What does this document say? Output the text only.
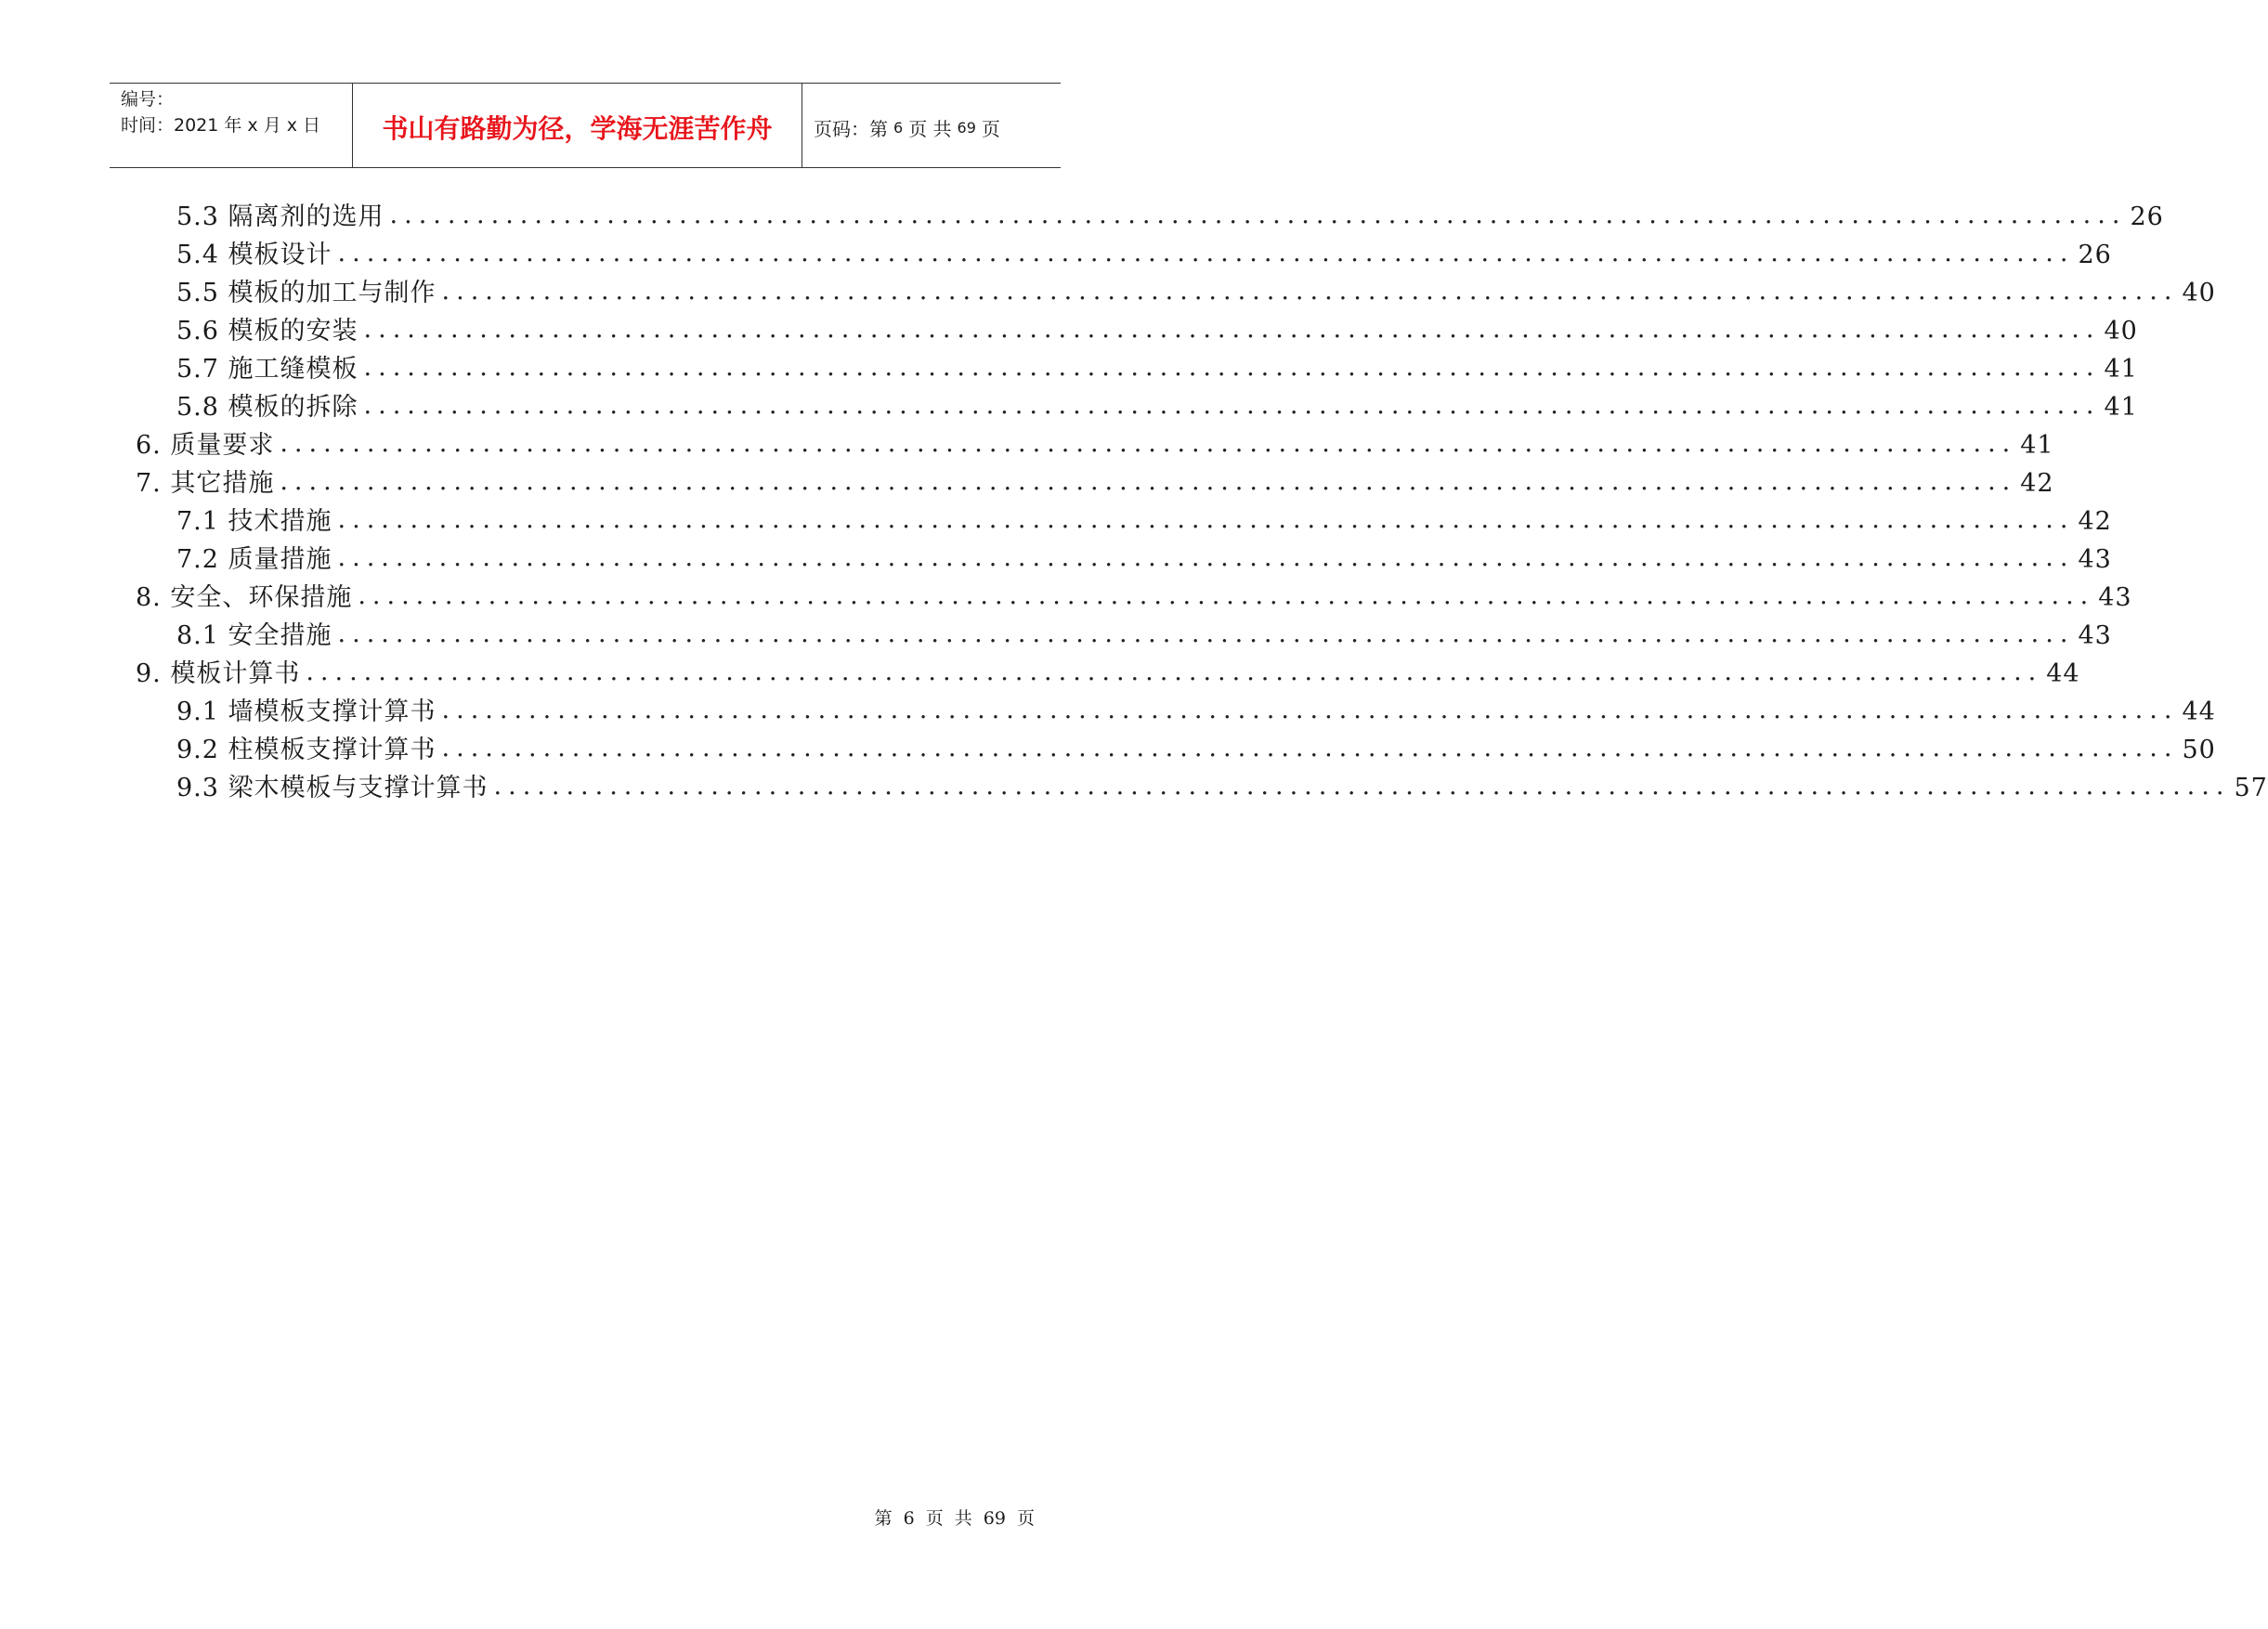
编号：
时间：2021 年 x 月 x 日	书山有路勤为径，学海无涯苦作舟	页码：第 6 页 共 69 页
5.3 隔离剂的选用 ........................................................................................................................ 26
5.4 模板设计 ........................................................................................................................ 26
5.5 模板的加工与制作 ........................................................................................................................ 40
5.6 模板的安装 ........................................................................................................................ 40
5.7 施工缝模板 ........................................................................................................................ 41
5.8 模板的拆除 ........................................................................................................................ 41
6. 质量要求 ........................................................................................................................ 41
7. 其它措施 ........................................................................................................................ 42
7.1 技术措施 ........................................................................................................................ 42
7.2 质量措施 ........................................................................................................................ 43
8. 安全、环保措施 ........................................................................................................................ 43
8.1 安全措施 ........................................................................................................................ 43
9. 模板计算书 ........................................................................................................................ 44
9.1 墙模板支撑计算书 ........................................................................................................................ 44
9.2 柱模板支撑计算书 ........................................................................................................................ 50
9.3 梁木模板与支撑计算书 ........................................................................................................................ 57
第 6 页 共 69 页
